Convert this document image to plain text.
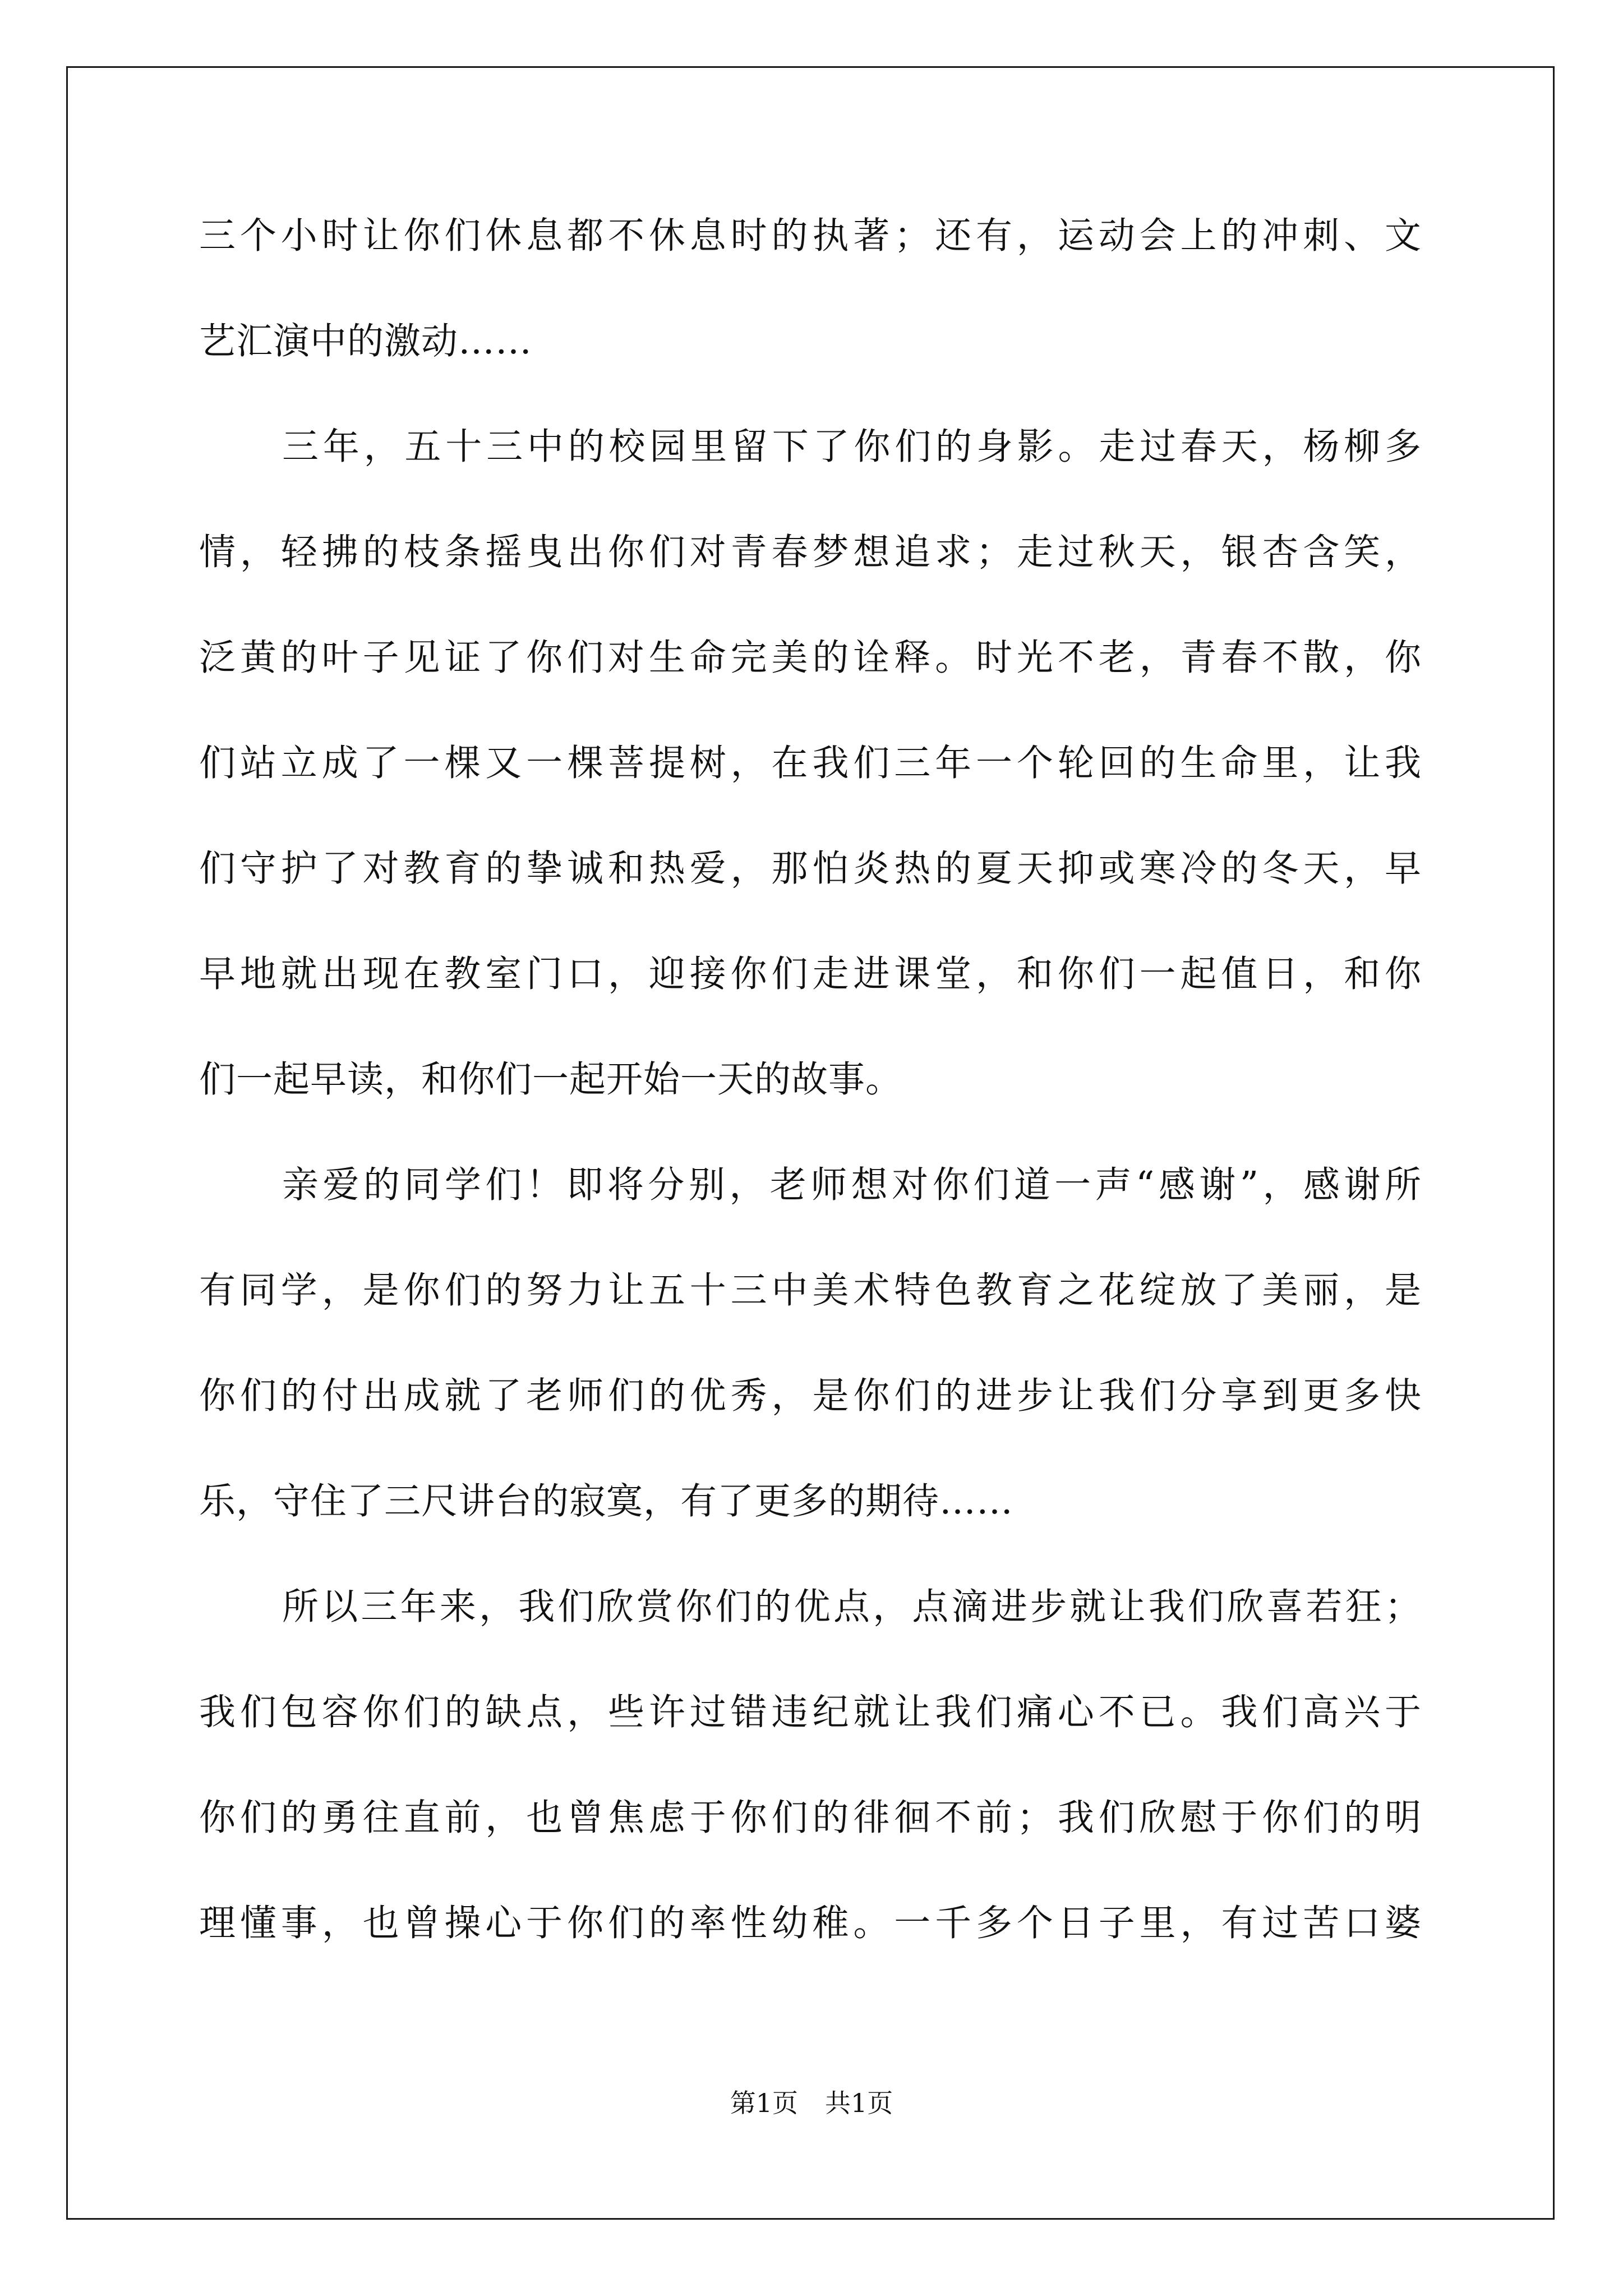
三个小时让你们休息都不休息时的执著；还有，运动会上的冲刺、文
艺汇演中的激动……
三年，五十三中的校园里留下了你们的身影。走过春天，杨柳多
情，轻拂的枝条摇曳出你们对青春梦想追求；走过秋天，银杏含笑，
泛黄的叶子见证了你们对生命完美的诠释。时光不老，青春不散，你
们站立成了一棵又一棵菩提树，在我们三年一个轮回的生命里，让我
们守护了对教育的挚诚和热爱，那怕炎热的夏天抑或寒冷的冬天，早
早地就出现在教室门口，迎接你们走进课堂，和你们一起值日，和你
们一起早读，和你们一起开始一天的故事。
亲爱的同学们！即将分别，老师想对你们道一声“感谢”，感谢所
有同学，是你们的努力让五十三中美术特色教育之花绽放了美丽，是
你们的付出成就了老师们的优秀，是你们的进步让我们分享到更多快
乐，守住了三尺讲台的寂寞，有了更多的期待……
所以三年来，我们欣赏你们的优点，点滴进步就让我们欣喜若狂；
我们包容你们的缺点，些许过错违纪就让我们痛心不已。我们高兴于
你们的勇往直前，也曾焦虑于你们的徘徊不前；我们欣慰于你们的明
理懂事，也曾操心于你们的率性幼稚。一千多个日子里，有过苦口婆
第1页 共1页
